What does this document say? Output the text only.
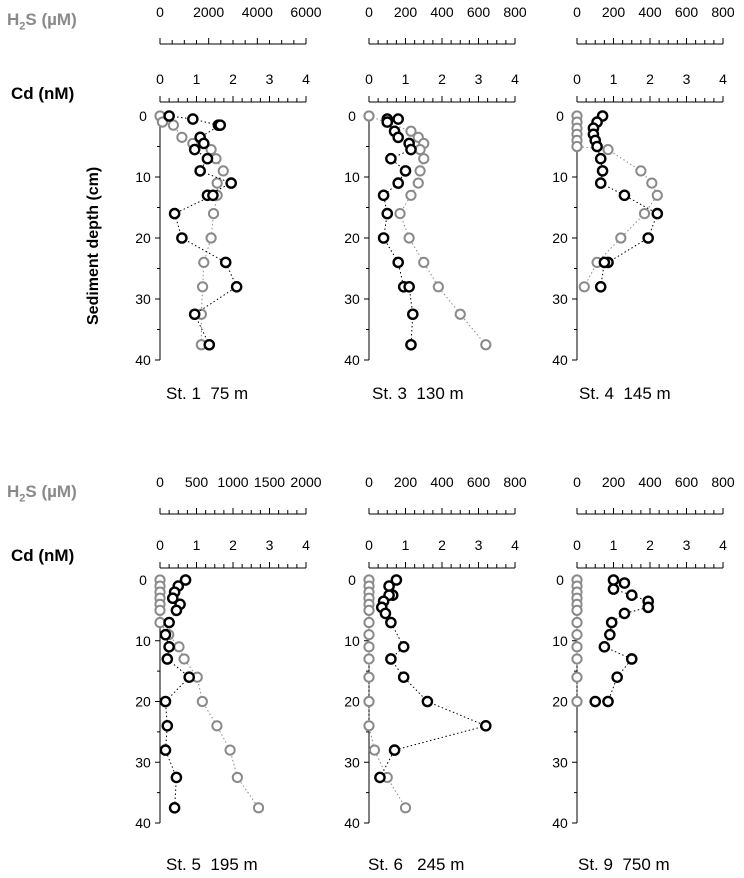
$H_2S$ (µM)
Cd (nM)
$H_2S$ (µM)
Cd (nM)
Sediment depth (cm)
St. 1  75 m	St. 3  130 m	St. 4  145 m
St. 5  195 m	St. 6   245 m	St. 9  750 m
0 2000 4000 6000
0 1 2 3 4
0
10
20
30
40
0 200 400 600 800
0 1 2 3 4
0
10
20
30
40
0 200 400 600 800
0 1 2 3 4
0
10
20
30
40
0 500 1000 1500 2000
0 1 2 3 4
0
10
20
30
40
0 200 400 600 800
0 1 2 3 4
0
10
20
30
40
0 200 400 600 800
0 1 2 3 4
0
10
20
30
40
